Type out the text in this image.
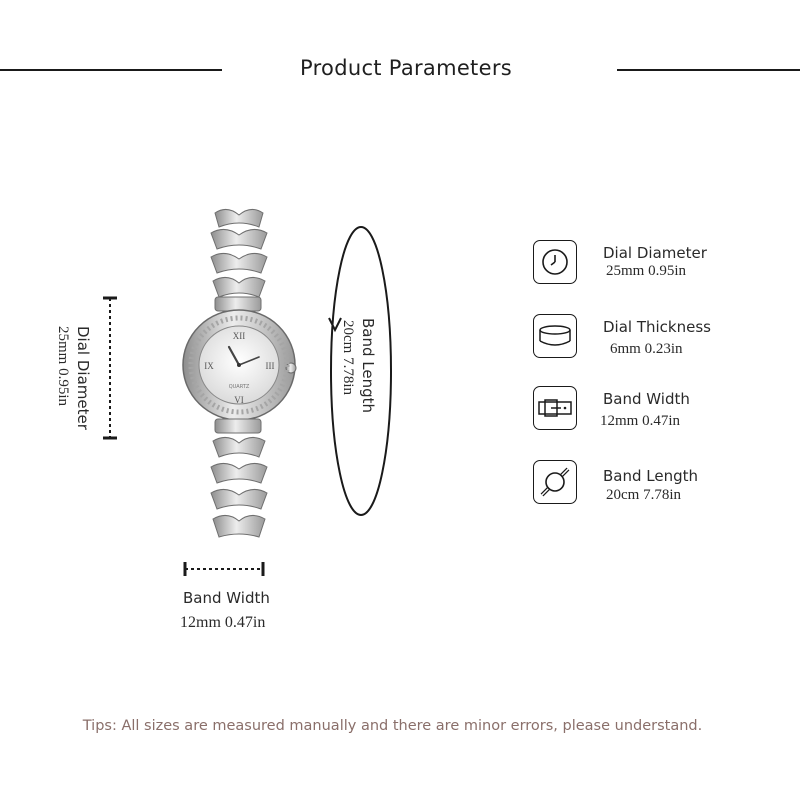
Product Parameters
Dial Diameter
25mm 0.95in	XII
IX	III
VI
QUARTZ	Band Length
20cm 7.78in
Band Width
12mm 0.47in
Dial Diameter
25mm 0.95in
Dial Thickness
6mm 0.23in
Band Width
12mm 0.47in
Band Length
20cm 7.78in
Tips: All sizes are measured manually and there are minor errors, please understand.
